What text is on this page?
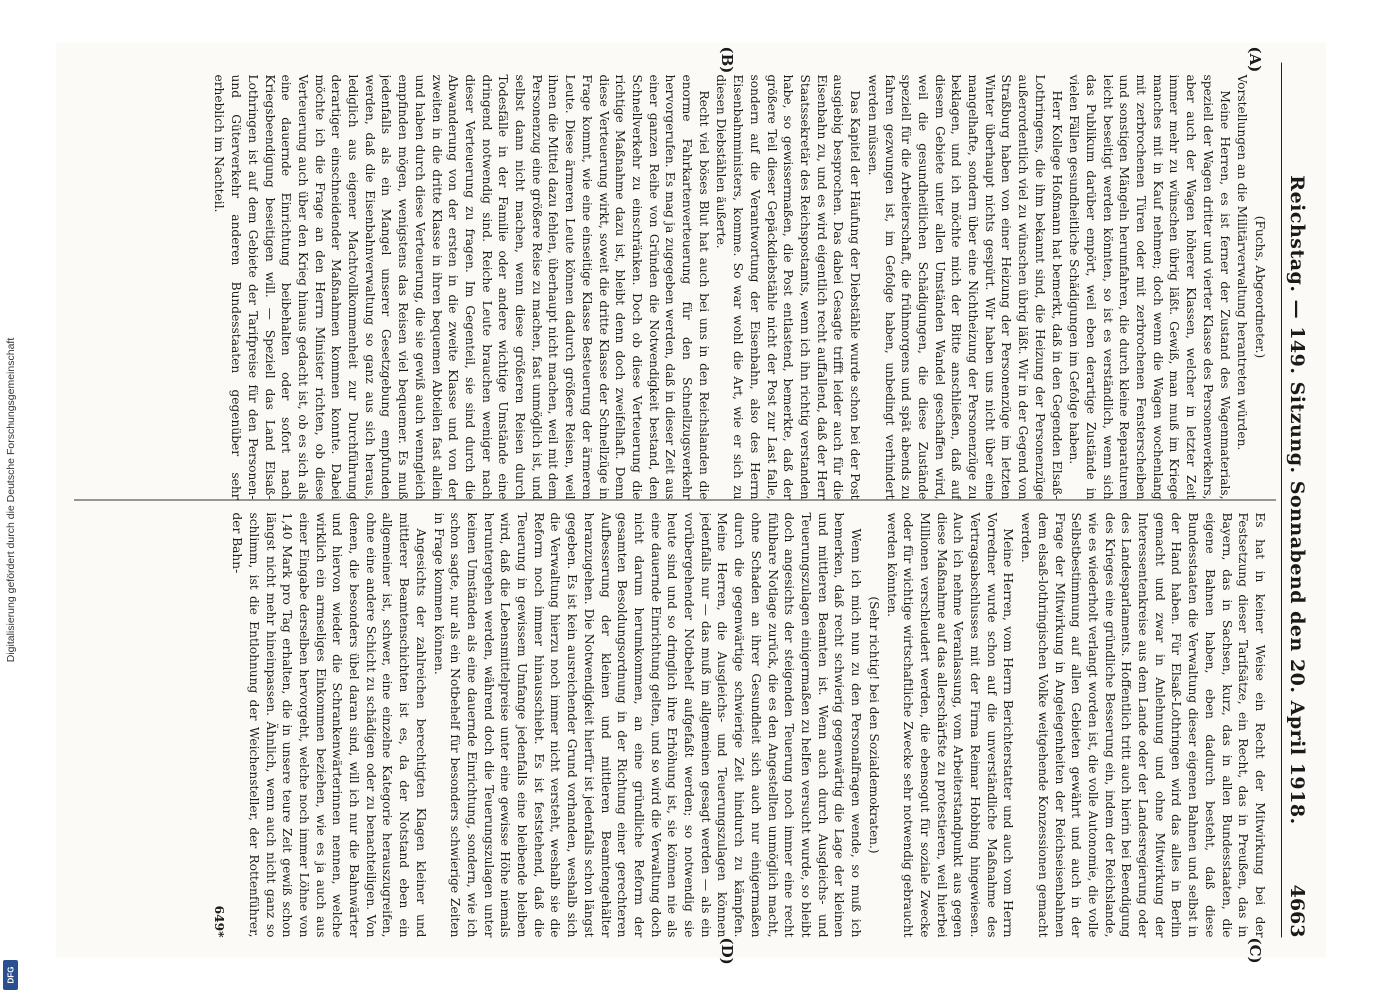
Reichstag. — 149. Sitzung. Sonnabend den 20. April 1918.
4663
(A)
(B)
(C)
(D)

(Fuchs, Abgeordneter.)

Vorstellungen an die Militärverwaltung herantreten würden.

Meine Herren, es ist ferner der Zustand des Wagenmaterials, speziell der Wagen dritter und vierter Klasse des Personenverkehrs, aber auch der Wagen höherer Klassen, welcher in letzter Zeit immer mehr zu wünschen übrig läßt. Gewiß, man muß im Kriege manches mit in Kauf nehmen; doch wenn die Wagen wochenlang mit zerbrochenen Türen oder mit zerbrochenen Fensterscheiben und sonstigen Mängeln herumfahren, die durch kleine Reparaturen leicht beseitigt werden könnten, so ist es verständlich, wenn sich das Publikum darüber empört, weil eben derartige Zustände in vielen Fällen gesundheitliche Schädigungen im Gefolge haben.

Herr Kollege Hoßmann hat bemerkt, daß in den Gegenden Elsaß-Lothringens, die ihm bekannt sind, die Heizung der Personenzüge außerordentlich viel zu wünschen übrig läßt. Wir in der Gegend von Straßburg haben von einer Heizung der Personenzüge im letzten Winter überhaupt nichts gespürt. Wir haben uns nicht über eine mangelhafte, sondern über eine Nichtheizung der Personenzüge zu beklagen, und ich möchte mich der Bitte anschließen, daß auf diesem Gebiete unter allen Umständen Wandel geschaffen wird, weil die gesundheitlichen Schädigungen, die diese Zustände speziell für die Arbeiterschaft, die frühmorgens und spät abends zu fahren gezwungen ist, im Gefolge haben, unbedingt verhindert werden müssen.

Das Kapitel der Häufung der Diebstähle wurde schon bei der Post ausgiebig besprochen. Das dabei Gesagte trifft leider auch für die Eisenbahn zu, und es wird eigentlich recht auffallend, daß der Herr Staatssekretär des Reichspostamts, wenn ich ihn richtig verstanden habe, so gewissermaßen, die Post entlastend, bemerkte, daß der größere Teil dieser Gepäckdiebstähle nicht der Post zur Last falle, sondern auf die Verantwortung der Eisenbahn, also des Herrn Eisenbahnministers, komme. So war wohl die Art, wie er sich zu diesen Diebstählen äußerte.

Recht viel böses Blut hat auch bei uns in den Reichslanden die enorme Fahrkartenverteuerung für den Schnellzugsverkehr hervorgerufen. Es mag ja zugegeben werden, daß in dieser Zeit aus einer ganzen Reihe von Gründen die Notwendigkeit bestand, den Schnellverkehr zu einschränken. Doch ob diese Verteuerung die richtige Maßnahme dazu ist, bleibt denn doch zweifelhaft. Denn diese Verteuerung wirkt, soweit die dritte Klasse der Schnellzüge in Frage kommt, wie eine einseitige Klasse Besteuerung der ärmeren Leute. Diese ärmeren Leute können dadurch größere Reisen, weil ihnen die Mittel dazu fehlen, überhaupt nicht machen, weil mit dem Personenzug eine größere Reise zu machen, fast unmöglich ist, und selbst dann nicht machen, wenn diese größeren Reisen durch Todesfälle in der Familie oder andere wichtige Umstände eine dringend notwendig sind. Reiche Leute brauchen weniger nach dieser Verteuerung zu fragen. Im Gegenteil, sie sind durch die Abwanderung von der ersten in die zweite Klasse und von der zweiten in die dritte Klasse in ihren bequemen Abteilen fast allein und haben durch diese Verteuerung, die sie gewiß auch wenngleich empfinden mögen, wenigstens das Reisen viel bequemer. Es muß jedenfalls als ein Mangel unserer Gesetzgebung empfunden werden, daß die Eisenbahnverwaltung so ganz aus sich heraus, lediglich aus eigener Machtvollkommenheit zur Durchführung derartiger einschneidender Maßnahmen kommen konnte. Dabei möchte ich die Frage an den Herrn Minister richten, ob diese Verteuerung auch über den Krieg hinaus gedacht ist, ob es sich als eine dauernde Einrichtung beibehalten oder sofort nach Kriegsbeendigung beseitigen will. — Speziell das Land Elsaß-Lothringen ist auf dem Gebiete der Tarifpreise für den Personen- und Güterverkehr anderen Bundesstaaten gegenüber sehr erheblich im Nachteil.

Es hat in keiner Weise ein Recht der Mitwirkung bei der Festsetzung dieser Tarifsätze, ein Recht, das in Preußen, das in Bayern, das in Sachsen, kurz, das in allen Bundesstaaten, die eigene Bahnen haben, eben dadurch besteht, daß diese Bundesstaaten die Verwaltung dieser eigenen Bahnen und selbst in der Hand haben. Für Elsaß-Lothringen wird das alles in Berlin gemacht und zwar in Anlehnung und ohne Mitwirkung der Interessentenkreise aus dem Lande oder der Landesregierung oder des Landesparlaments. Hoffentlich tritt auch hierin bei Beendigung des Krieges eine gründliche Besserung ein, indem der Reichslande, wie es wiederholt verlangt worden ist, die volle Autonomie, die volle Selbstbestimmung auf allen Gebieten gewährt und auch in der Frage der Mitwirkung in Angelegenheiten der Reichseisenbahnen dem elsaß-lothringischen Volke weitgehende Konzessionen gemacht werden.

Meine Herren, vom Herrn Berichterstatter und auch vom Herrn Vorredner wurde schon auf die unverständliche Maßnahme des Vertragsabschlusses mit der Firma Reimar Hobbing hingewiesen. Auch ich nehme Veranlassung, vom Arbeiterstandpunkt aus gegen diese Maßnahme auf das allerschärfste zu protestieren, weil hierbei Millionen verschleudert werden, die ebensogut für soziale Zwecke oder für wichtige wirtschaftliche Zwecke sehr notwendig gebraucht werden könnten.

(Sehr richtig! bei den Sozialdemokraten.)

Wenn ich mich nun zu den Personalfragen wende, so muß ich bemerken, daß recht schwierig gegenwärtig die Lage der kleinen und mittleren Beamten ist. Wenn auch durch Ausgleichs- und Teuerungszulagen einigermaßen zu helfen versucht wurde, so bleibt doch angesichts der steigenden Teuerung noch immer eine recht fühlbare Notlage zurück, die es den Angestellten unmöglich macht, ohne Schaden an ihrer Gesundheit sich auch nur einigermaßen durch die gegenwärtige schwierige Zeit hindurch zu kämpfen. Meine Herren, die Ausgleichs- und Teuerungszulagen können jedenfalls nur — das muß im allgemeinen gesagt werden — als ein vorübergehender Notbehelf aufgefaßt werden; so notwendig sie heute sind und so dringlich ihre Erhöhung ist, sie können nie als eine dauernde Einrichtung gelten, und so wird die Verwaltung doch nicht darum herumkommen, an eine gründliche Reform der gesamten Besoldungsordnung in der Richtung einer gerechteren Aufbesserung der kleinen und mittleren Beamtengehälter heranzugehen. Die Notwendigkeit hierfür ist jedenfalls schon längst gegeben. Es ist kein ausreichender Grund vorhanden, weshalb sich die Verwaltung hierzu noch immer nicht versteht, weshalb sie die Reform noch immer hinausschiebt. Es ist feststehend, daß die Teuerung in gewissem Umfange jedenfalls eine bleibende bleiben wird, daß die Lebensmittelpreise unter eine gewisse Höhe niemals heruntergehen werden, während doch die Teuerungszulagen unter keinen Umständen als eine dauernde Einrichtung, sondern, wie ich schon sagte, nur als ein Notbehelf für besonders schwierige Zeiten in Frage kommen können.

Angesichts der zahlreichen berechtigten Klagen kleiner und mittlerer Beamtenschichten ist es, da der Notstand eben ein allgemeiner ist, schwer, eine einzelne Kategorie herauszugreifen, ohne eine andere Schicht zu schädigen oder zu benachteiligen. Von denen, die besonders übel daran sind, will ich nur die Bahnwärter und hiervon wieder die Schrankenwärterinnen nennen, welche wirklich ein armseliges Einkommen beziehen, wie es ja auch aus einer Eingabe derselben hervorgeht, welche noch immer Löhne von 1,40 Mark pro Tag erhalten, die in unsere teure Zeit gewiß schon längst nicht mehr hineinpassen. Ähnlich, wenn auch nicht ganz so schlimm, ist die Entlohnung der Weichensteller, der Rottenführer, der Bahn-

649*

Digitalisierung gefördert durch die Deutsche Forschungsgemeinschaft
DFG
